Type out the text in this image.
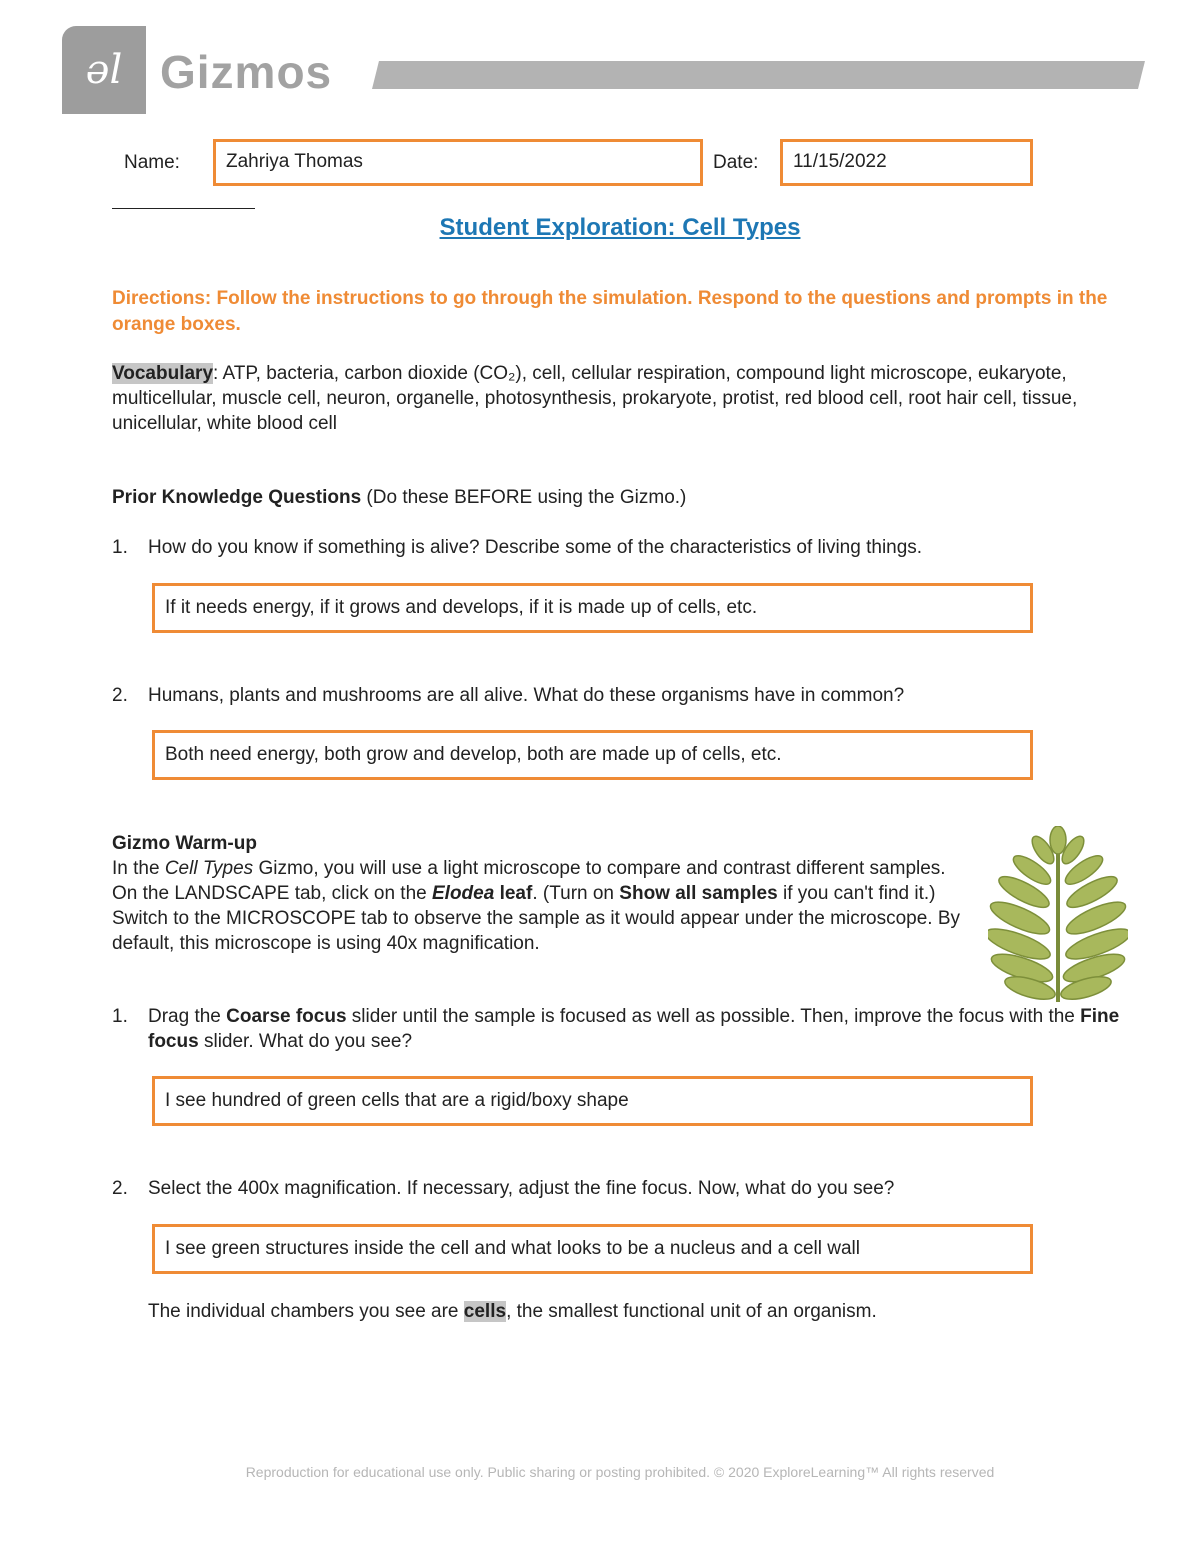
ǝl Gizmos
Name:	Zahriya Thomas	Date:	11/15/2022
Student Exploration: Cell Types
Directions: Follow the instructions to go through the simulation. Respond to the questions and prompts in the orange boxes.
Vocabulary: ATP, bacteria, carbon dioxide (CO₂), cell, cellular respiration, compound light microscope, eukaryote, multicellular, muscle cell, neuron, organelle, photosynthesis, prokaryote, protist, red blood cell, root hair cell, tissue, unicellular, white blood cell
Prior Knowledge Questions (Do these BEFORE using the Gizmo.)
1. How do you know if something is alive? Describe some of the characteristics of living things.
If it needs energy, if it grows and develops, if it is made up of cells, etc.
2. Humans, plants and mushrooms are all alive. What do these organisms have in common?
Both need energy, both grow and develop, both are made up of cells, etc.
Gizmo Warm-up
In the Cell Types Gizmo, you will use a light microscope to compare and contrast different samples. On the LANDSCAPE tab, click on the Elodea leaf. (Turn on Show all samples if you can't find it.) Switch to the MICROSCOPE tab to observe the sample as it would appear under the microscope. By default, this microscope is using 40x magnification.
1. Drag the Coarse focus slider until the sample is focused as well as possible. Then, improve the focus with the Fine focus slider. What do you see?
I see hundred of green cells that are a rigid/boxy shape
2. Select the 400x magnification. If necessary, adjust the fine focus. Now, what do you see?
I see green structures inside the cell and what looks to be a nucleus and a cell wall
The individual chambers you see are cells, the smallest functional unit of an organism.
Reproduction for educational use only. Public sharing or posting prohibited. © 2020 ExploreLearning™ All rights reserved
